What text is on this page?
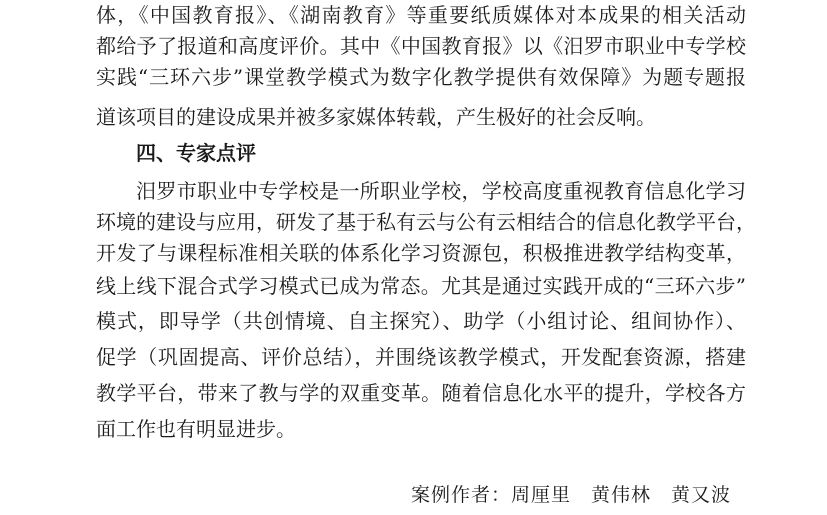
体，《中国教育报》、《湖南教育》等重要纸质媒体对本成果的相关活动
都给予了报道和高度评价。其中《中国教育报》以《汨罗市职业中专学校
实践“三环六步”课堂教学模式为数字化教学提供有效保障》为题专题报
道该项目的建设成果并被多家媒体转载，产生极好的社会反响。
四、专家点评
汨罗市职业中专学校是一所职业学校，学校高度重视教育信息化学习
环境的建设与应用，研发了基于私有云与公有云相结合的信息化教学平台，
开发了与课程标准相关联的体系化学习资源包，积极推进教学结构变革，
线上线下混合式学习模式已成为常态。尤其是通过实践开成的“三环六步”
模式，即导学（共创情境、自主探究）、助学（小组讨论、组间协作）、
促学（巩固提高、评价总结），并围绕该教学模式，开发配套资源，搭建
教学平台，带来了教与学的双重变革。随着信息化水平的提升，学校各方
面工作也有明显进步。
案例作者：周厘里　黄伟林　黄又波
